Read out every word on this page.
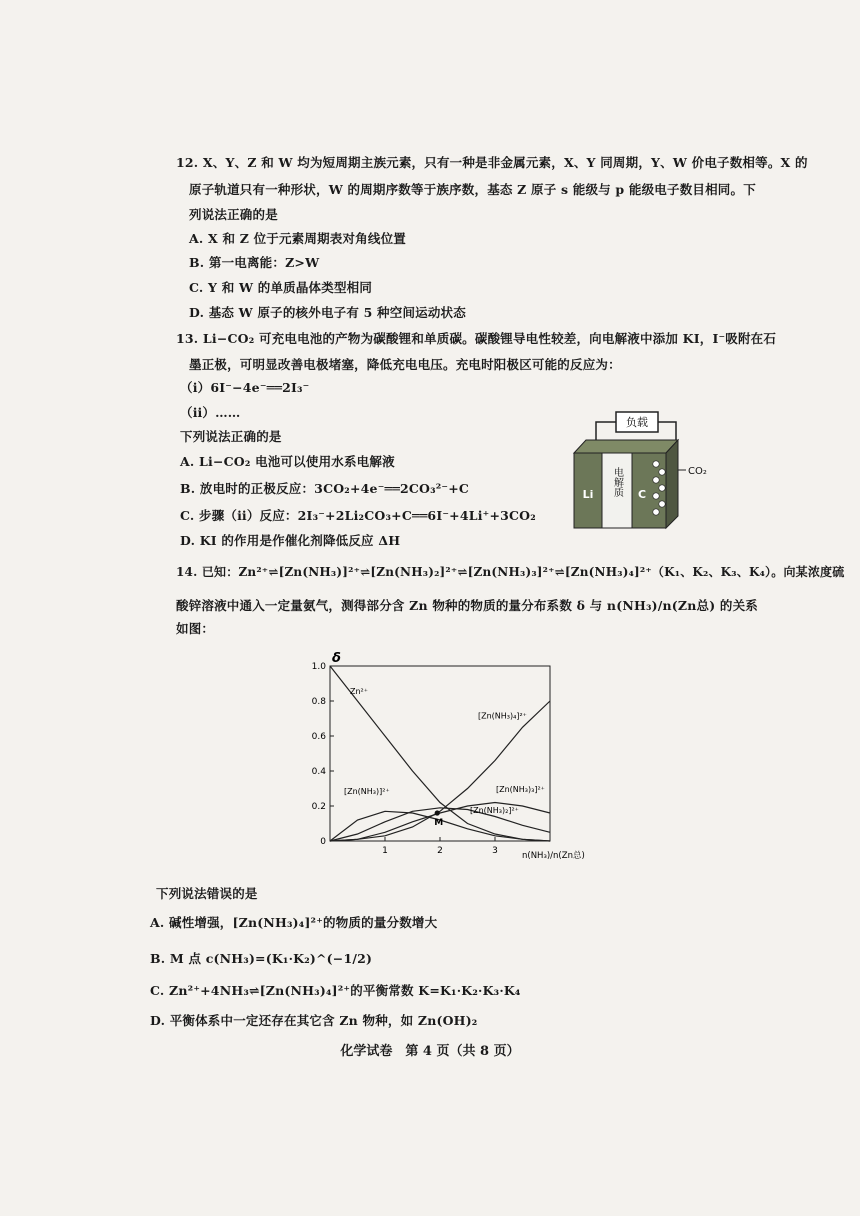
12. X、Y、Z 和 W 均为短周期主族元素，只有一种是非金属元素，X、Y 同周期，Y、W 价电子数相等。X 的
原子轨道只有一种形状，W 的周期序数等于族序数，基态 Z 原子 s 能级与 p 能级电子数目相同。下
列说法正确的是
A. X 和 Z 位于元素周期表对角线位置
B. 第一电离能：Z>W
C. Y 和 W 的单质晶体类型相同
D. 基态 W 原子的核外电子有 5 种空间运动状态
13. Li−CO₂ 可充电电池的产物为碳酸锂和单质碳。碳酸锂导电性较差，向电解液中添加 KI，I⁻吸附在石
墨正极，可明显改善电极堵塞，降低充电电压。充电时阳极区可能的反应为：
（ⅰ）6I⁻−4e⁻══2I₃⁻
（ⅱ）……
下列说法正确的是
A. Li−CO₂ 电池可以使用水系电解液
B. 放电时的正极反应：3CO₂+4e⁻══2CO₃²⁻+C
C. 步骤（ⅱ）反应：2I₃⁻+2Li₂CO₃+C══6I⁻+4Li⁺+3CO₂
D. KI 的作用是作催化剂降低反应 ΔH
负载
Li 电解质 C
CO₂
14. 已知：Zn²⁺⇌[Zn(NH₃)]²⁺⇌[Zn(NH₃)₂]²⁺⇌[Zn(NH₃)₃]²⁺⇌[Zn(NH₃)₄]²⁺（K₁、K₂、K₃、K₄）。向某浓度硫
酸锌溶液中通入一定量氨气，测得部分含 Zn 物种的物质的量分布系数 δ 与 n(NH₃)/n(Zn总) 的关系
如图：
0
0.2
0.4
0.6
0.8
1.0
1	2	3
δ
n(NH₃)/n(Zn总)
Zn²⁺
[Zn(NH₃)₄]²⁺
[Zn(NH₃)]²⁺	[Zn(NH₃)₃]²⁺
[Zn(NH₃)₂]²⁺
M
下列说法错误的是
A. 碱性增强，[Zn(NH₃)₄]²⁺的物质的量分数增大
B. M 点 c(NH₃)=(K₁·K₂)^(−1/2)
C. Zn²⁺+4NH₃⇌[Zn(NH₃)₄]²⁺的平衡常数 K=K₁·K₂·K₃·K₄
D. 平衡体系中一定还存在其它含 Zn 物种，如 Zn(OH)₂
化学试卷　第 4 页（共 8 页）
